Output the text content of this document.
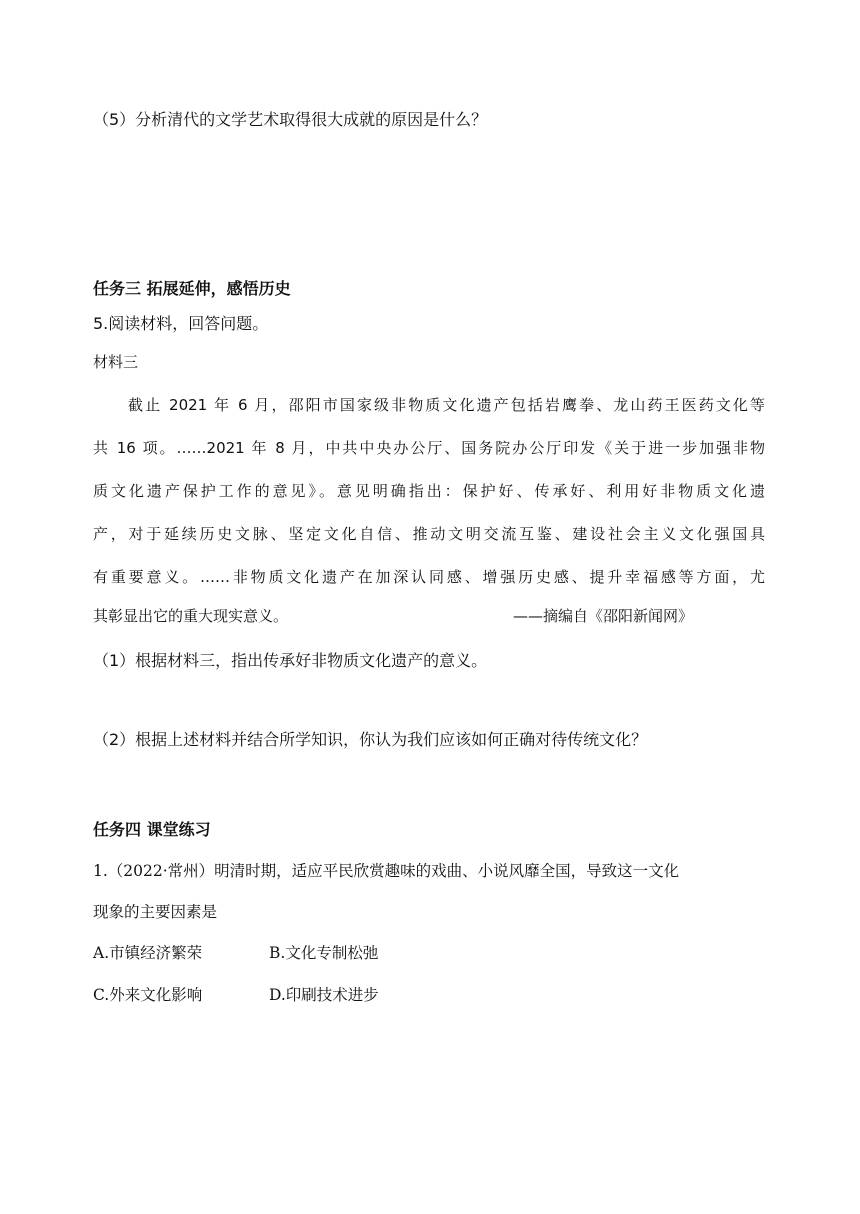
（5）分析清代的文学艺术取得很大成就的原因是什么？
任务三 拓展延伸，感悟历史
5.阅读材料，回答问题。
材料三
截止 2021 年 6 月，邵阳市国家级非物质文化遗产包括岩鹰拳、龙山药王医药文化等
共 16 项。……2021 年 8 月，中共中央办公厅、国务院办公厅印发《关于进一步加强非物
质文化遗产保护工作的意见》。意见明确指出：保护好、传承好、利用好非物质文化遗
产，对于延续历史文脉、坚定文化自信、推动文明交流互鉴、建设社会主义文化强国具
有重要意义。……非物质文化遗产在加深认同感、增强历史感、提升幸福感等方面，尤
其彰显出它的重大现实意义。	——摘编自《邵阳新闻网》
（1）根据材料三，指出传承好非物质文化遗产的意义。
（2）根据上述材料并结合所学知识，你认为我们应该如何正确对待传统文化？
任务四 课堂练习
1.（2022·常州）明清时期，适应平民欣赏趣味的戏曲、小说风靡全国，导致这一文化
现象的主要因素是
A.市镇经济繁荣	B.文化专制松弛
C.外来文化影响	D.印刷技术进步
